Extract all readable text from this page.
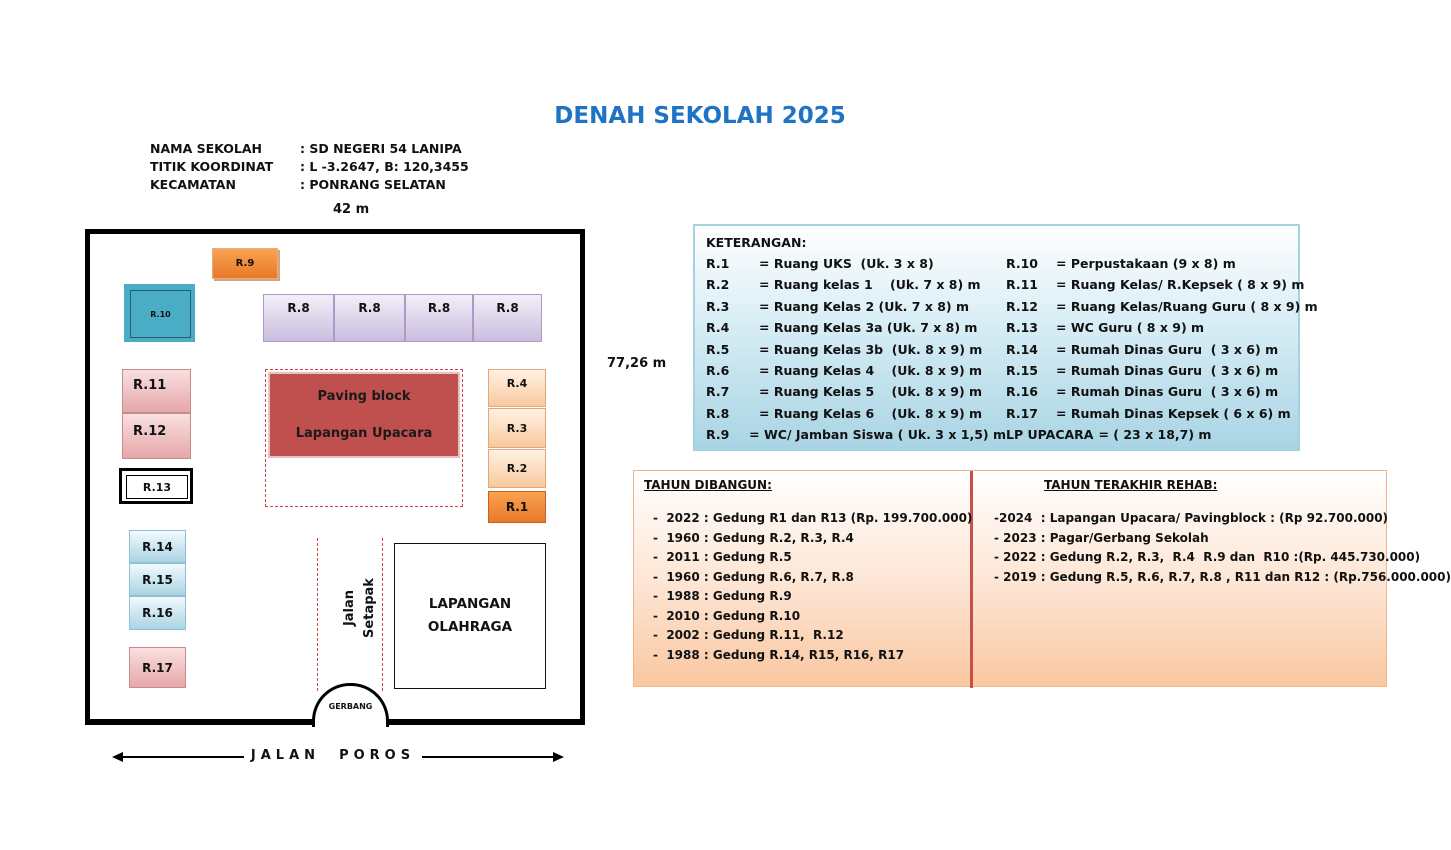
DENAH SEKOLAH 2025
NAMA SEKOLAH	: SD NEGERI 54 LANIPA
TITIK KOORDINAT	: L -3.2647, B: 120,3455
KECAMATAN	: PONRANG SELATAN
42 m
77,26 m
R.9
R.10	R.8	R.8	R.8	R.8
R.11
R.12
R.13
R.14
R.15
R.16
R.17
Paving block
Lapangan Upacara
R.4
R.3
R.2
R.1
Jalan Setapak	LAPANGAN
OLAHRAGA
GERBANG
JALAN  POROS
KETERANGAN:
R.1	= Ruang UKS  (Uk. 3 x 8)
R.2	= Ruang kelas 1    (Uk. 7 x 8) m
R.3	= Ruang Kelas 2 (Uk. 7 x 8) m
R.4	= Ruang Kelas 3a (Uk. 7 x 8) m
R.5	= Ruang Kelas 3b  (Uk. 8 x 9) m
R.6	= Ruang Kelas 4    (Uk. 8 x 9) m
R.7	= Ruang Kelas 5    (Uk. 8 x 9) m
R.8	= Ruang Kelas 6    (Uk. 8 x 9) m
R.9	= WC/ Jamban Siswa ( Uk. 3 x 1,5) m
R.10	= Perpustakaan (9 x 8) m
R.11	= Ruang Kelas/ R.Kepsek ( 8 x 9) m
R.12	= Ruang Kelas/Ruang Guru ( 8 x 9) m
R.13	= WC Guru ( 8 x 9) m
R.14	= Rumah Dinas Guru  ( 3 x 6) m
R.15	= Rumah Dinas Guru  ( 3 x 6) m
R.16	= Rumah Dinas Guru  ( 3 x 6) m
R.17	= Rumah Dinas Kepsek ( 6 x 6) m
LP UPACARA = ( 23 x 18,7) m
TAHUN DIBANGUN:
-  2022 : Gedung R1 dan R13 (Rp. 199.700.000)
-  1960 : Gedung R.2, R.3, R.4
-  2011 : Gedung R.5
-  1960 : Gedung R.6, R.7, R.8
-  1988 : Gedung R.9
-  2010 : Gedung R.10
-  2002 : Gedung R.11,  R.12
-  1988 : Gedung R.14, R15, R16, R17
TAHUN TERAKHIR REHAB:
-2024  : Lapangan Upacara/ Pavingblock : (Rp 92.700.000)
- 2023 : Pagar/Gerbang Sekolah
- 2022 : Gedung R.2, R.3,  R.4  R.9 dan  R10 :(Rp. 445.730.000)
- 2019 : Gedung R.5, R.6, R.7, R.8 , R11 dan R12 : (Rp.756.000.000)
